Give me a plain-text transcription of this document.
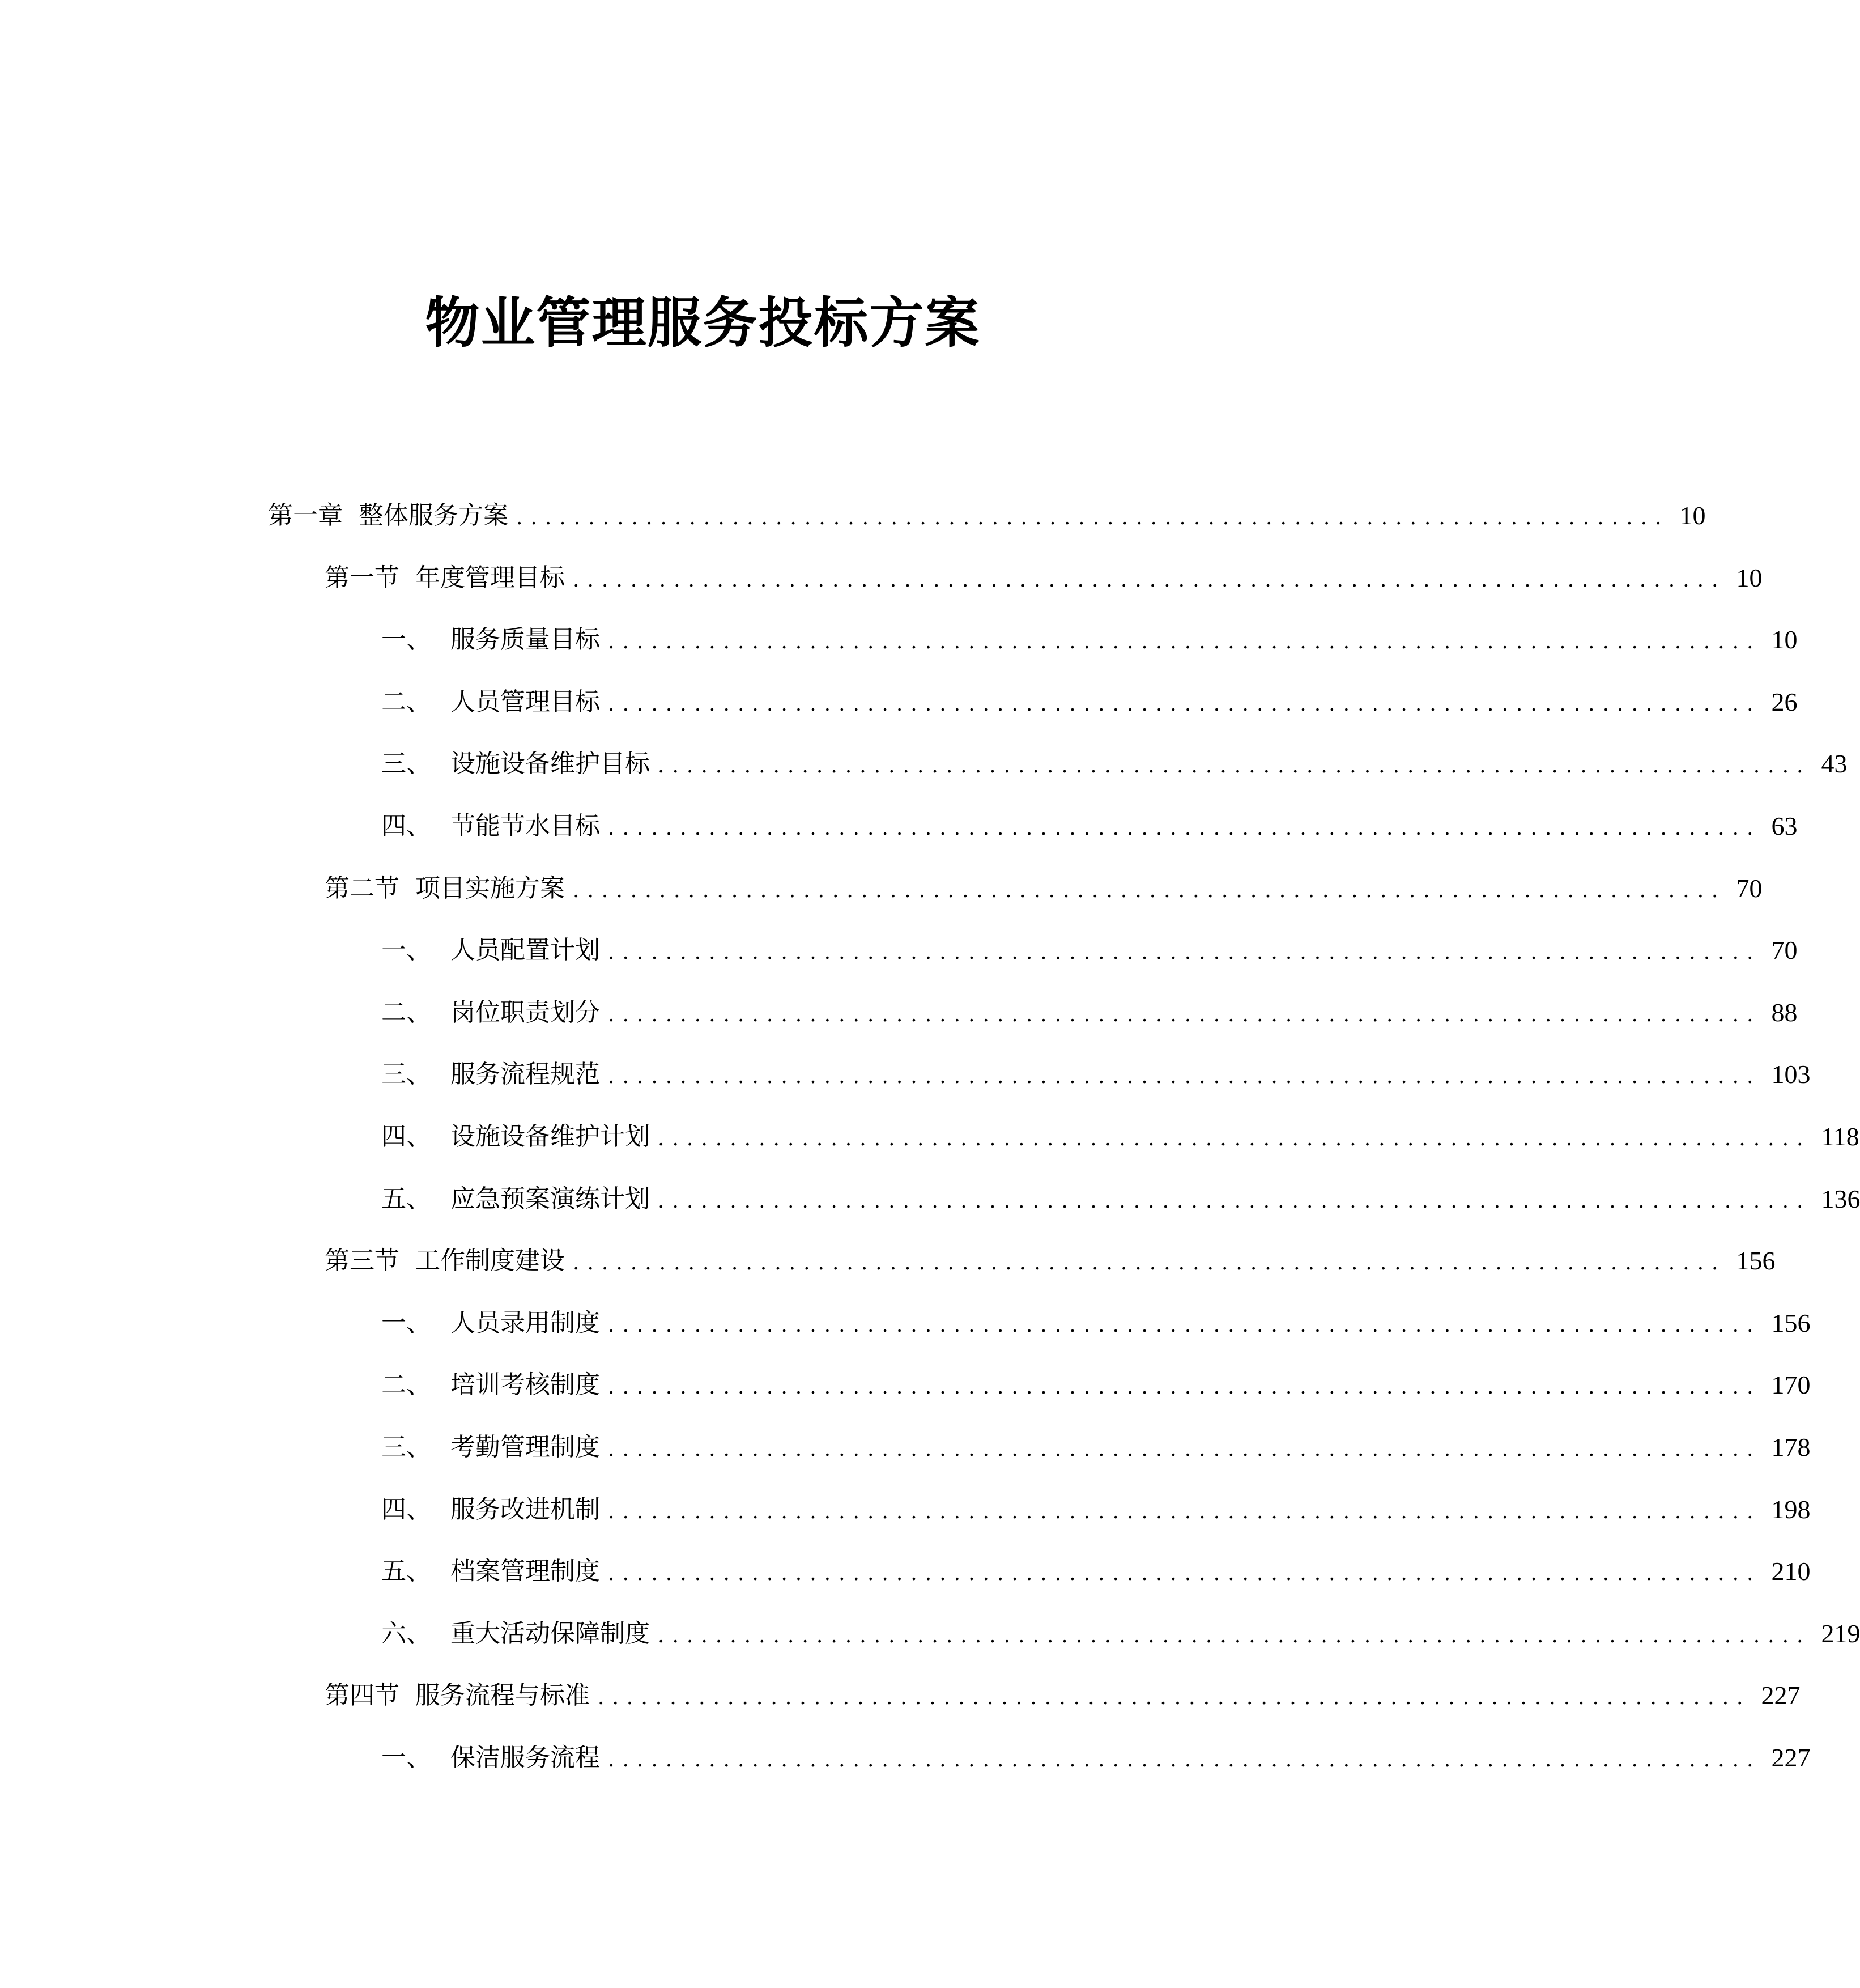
物业管理服务投标方案
第一章 整体服务方案 ................................................................................ 10
第一节 年度管理目标 ................................................................................ 10
一、 服务质量目标 ................................................................................ 10
二、 人员管理目标 ................................................................................ 26
三、 设施设备维护目标 ................................................................................ 43
四、 节能节水目标 ................................................................................ 63
第二节 项目实施方案 ................................................................................ 70
一、 人员配置计划 ................................................................................ 70
二、 岗位职责划分 ................................................................................ 88
三、 服务流程规范 ................................................................................ 103
四、 设施设备维护计划 ................................................................................ 118
五、 应急预案演练计划 ................................................................................ 136
第三节 工作制度建设 ................................................................................ 156
一、 人员录用制度 ................................................................................ 156
二、 培训考核制度 ................................................................................ 170
三、 考勤管理制度 ................................................................................ 178
四、 服务改进机制 ................................................................................ 198
五、 档案管理制度 ................................................................................ 210
六、 重大活动保障制度 ................................................................................ 219
第四节 服务流程与标准 ................................................................................ 227
一、 保洁服务流程 ................................................................................ 227
